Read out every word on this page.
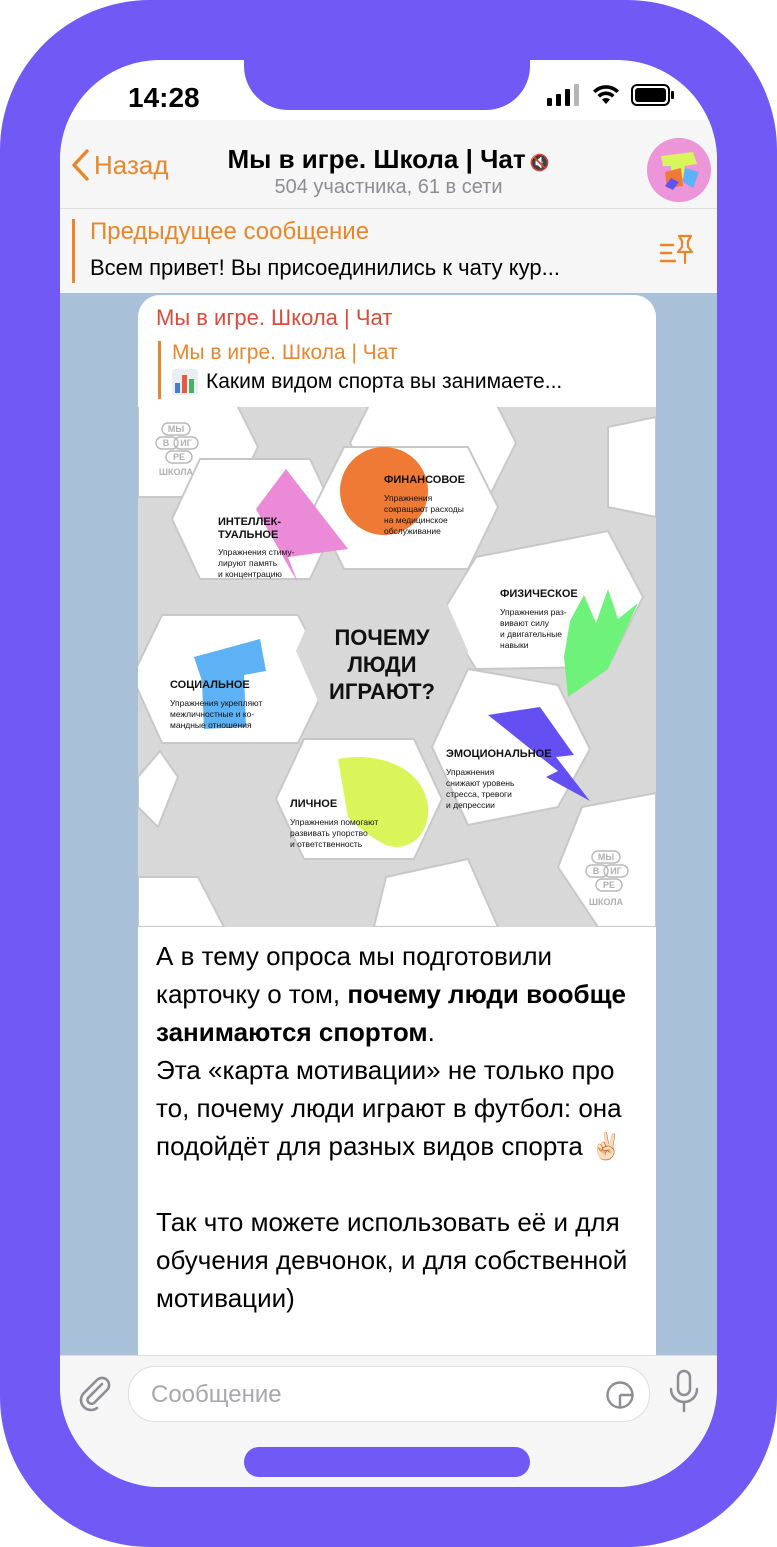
14:28
Назад	Мы в игре. Школа | Чат 🔇
504 участника, 61 в сети
Предыдущее сообщение
Всем привет! Вы присоединились к чату кур...
Мы в игре. Школа | Чат
Мы в игре. Школа | Чат
Каким видом спорта вы занимаете...
МЫ
В ИГ
РЕ
ШКОЛА
МЫ
В ИГ
РЕ
ШКОЛА
ПОЧЕМУ
ЛЮДИ
ИГРАЮТ?
ФИНАНСОВОЕ
Упражнения
сокращают расходы
на медицинское
обслуживание
ИНТЕЛЛЕК-
ТУАЛЬНОЕ
Упражнения стиму-
лируют память
и концентрацию
ФИЗИЧЕСКОЕ
Упражнения раз-
вивают силу
и двигательные
навыки
СОЦИАЛЬНОЕ
Упражнения укрепляют
межличностные и ко-
мандные отношения
ЭМОЦИОНАЛЬНОЕ
Упражнения
снижают уровень
стресса, тревоги
и депрессии
ЛИЧНОЕ
Упражнения помогают
развивать упорство
и ответственность

А в тему опроса мы подготовили карточку о том, почему люди вообще занимаются спортом.

Эта «карта мотивации» не только про то, почему люди играют в футбол: она подойдёт для разных видов спорта ✌🏻

Так что можете использовать её и для обучения девчонок, и для собственной мотивации)

Сообщение
